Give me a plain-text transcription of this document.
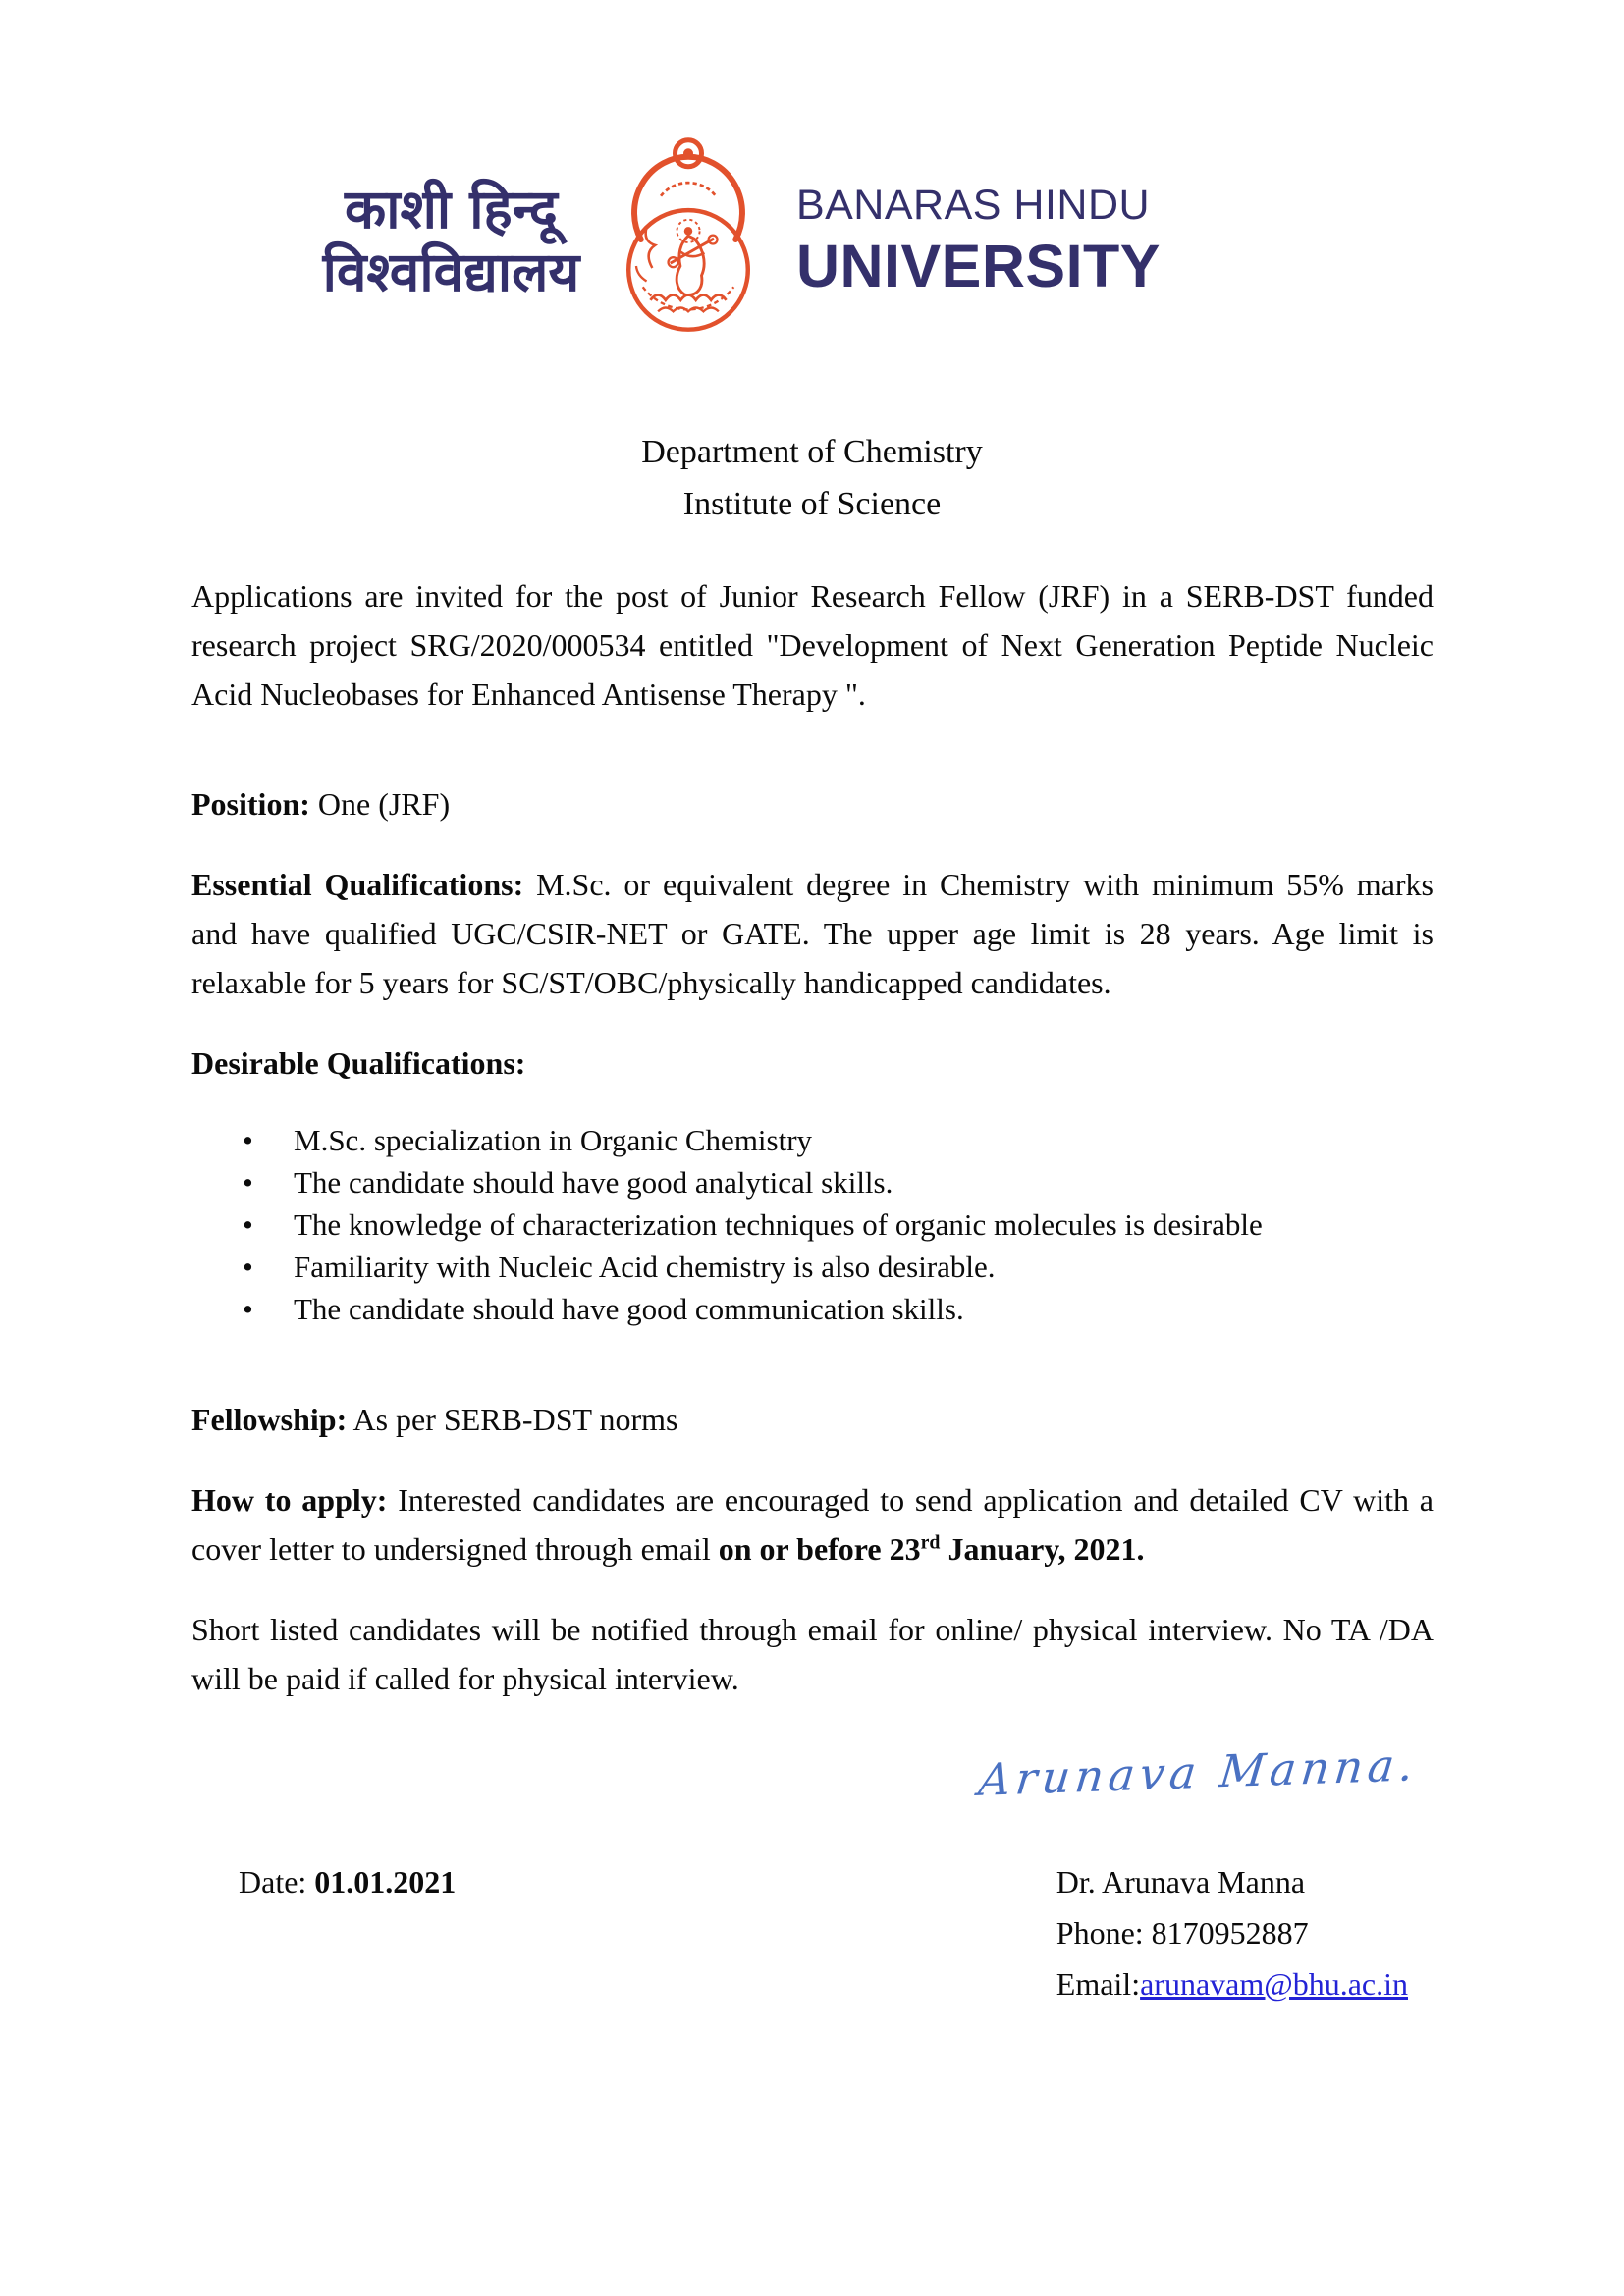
काशी हिन्दू
विश्वविद्यालय
BANARAS HINDU
UNIVERSITY
Department of Chemistry
Institute of Science

Applications are invited for the post of Junior Research Fellow (JRF) in a SERB-DST funded research project SRG/2020/000534 entitled "Development of Next Generation Peptide Nucleic Acid Nucleobases for Enhanced Antisense Therapy ".

Position: One (JRF)

Essential Qualifications: M.Sc. or equivalent degree in Chemistry with minimum 55% marks and have qualified UGC/CSIR-NET or GATE. The upper age limit is 28 years. Age limit is relaxable for 5 years for SC/ST/OBC/physically handicapped candidates.

Desirable Qualifications:

•	M.Sc. specialization in Organic Chemistry
•	The candidate should have good analytical skills.
•	The knowledge of characterization techniques of organic molecules is desirable
•	Familiarity with Nucleic Acid chemistry is also desirable.
•	The candidate should have good communication skills.

Fellowship: As per SERB-DST norms

How to apply: Interested candidates are encouraged to send application and detailed CV with a cover letter to undersigned through email on or before 23rd January, 2021.

Short listed candidates will be notified through email for online/ physical interview. No TA /DA will be paid if called for physical interview.

Arunava Manna.
Date: 01.01.2021	Dr. Arunava Manna
Phone: 8170952887
Email:arunavam@bhu.ac.in
